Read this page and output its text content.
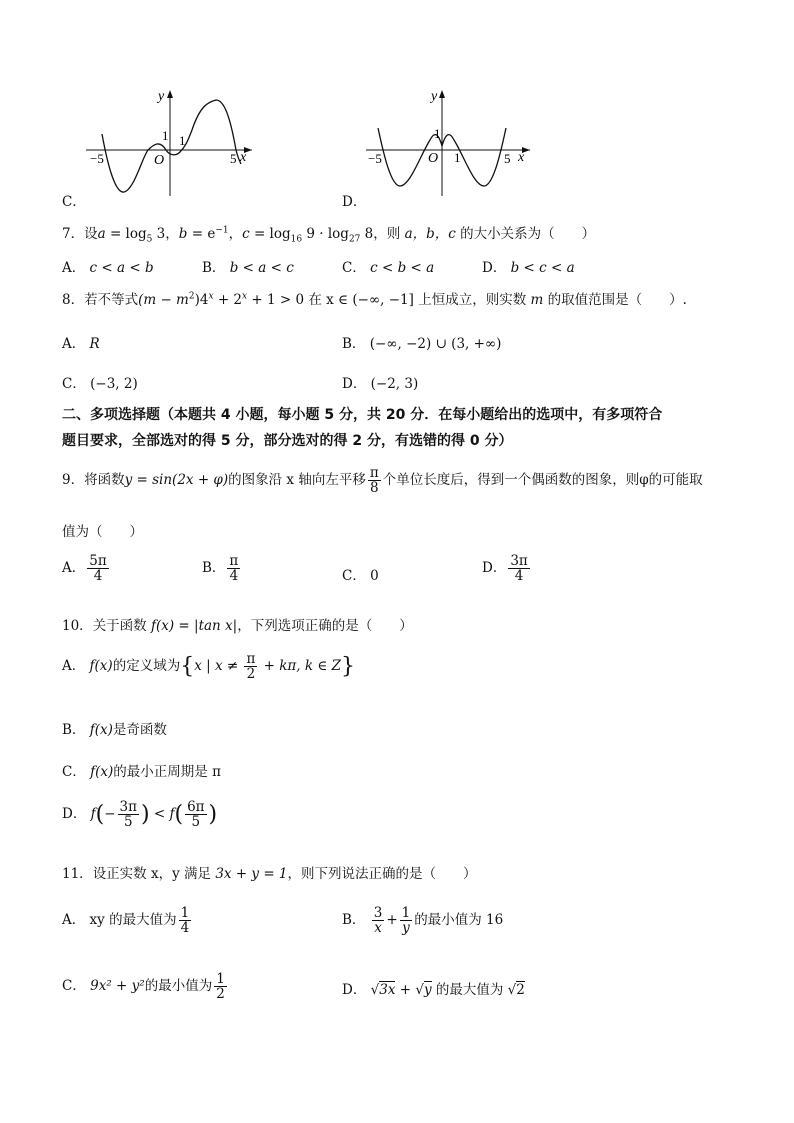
y
x
O
1 1
−5	5
C．
y
x
O
1
1
−5	5
D．
7．设$a = \log_5 3$，$b = e^{-1}$，$c = \log_{16} 9 \cdot \log_{27} 8$，则 a，b，c 的大小关系为（　　）
A． c < a < b	B． b < a < c	C． c < b < a	D． b < c < a
8．若不等式$(m - m^2)4^x + 2^x + 1 > 0$ 在 x ∈ (−∞, −1] 上恒成立，则实数 m 的取值范围是（　　）.
A． R	B． (−∞, −2) ∪ (3, +∞)
C． (−3, 2)	D． (−2, 3)
二、多项选择题（本题共 4 小题，每小题 5 分，共 20 分．在每小题给出的选项中，有多项符合
题目要求，全部选对的得 5 分，部分选对的得 2 分，有选错的得 0 分）
9．将函数y = sin(2x + φ)的图象沿 x 轴向左平移 $\frac{\pi}{8}$ 个单位长度后，得到一个偶函数的图象，则φ的可能取
值为（　　）
A． $\frac{5\pi}{4}$	B． $\frac{\pi}{4}$	C． 0	D． $\frac{3\pi}{4}$
10．关于函数 f(x) = |tan x|，下列选项正确的是（　　）
A． f(x)的定义域为{x | $x \ne \frac{\pi}{2} + k\pi$, k ∈ Z}
B． f(x)是奇函数
C． f(x)的最小正周期是 π
D． $f(- \frac{3\pi}{5}$ ) < $f( \frac{6\pi}{5}$ )
11．设正实数 x，y 满足 3x + y = 1，则下列说法正确的是（　　）
A． xy 的最大值为 $\frac{1}{4}$	B． $\frac{3}{x} + \frac{1}{y}$ 的最小值为 16
C． 9x² + y²的最小值为 $\frac{1}{2}$	D． √3x + √y 的最大值为 √2
